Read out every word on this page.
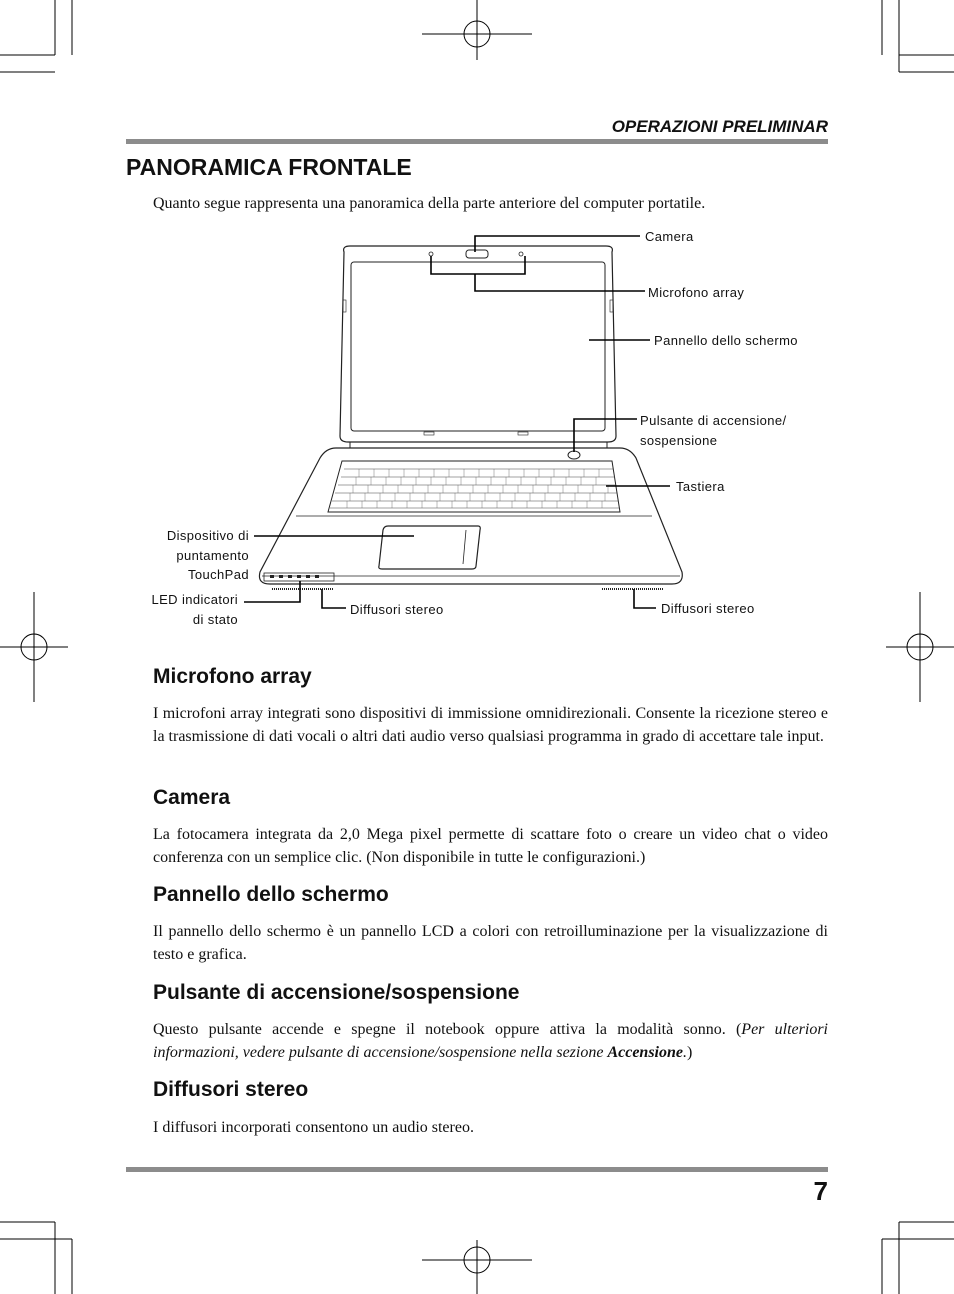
OPERAZIONI PRELIMINAR
PANORAMICA FRONTALE
Quanto segue rappresenta una panoramica della parte anteriore del computer portatile.
Camera
Microfono array
Pannello dello schermo
Pulsante di accensione/
sospensione
Tastiera
Dispositivo di
puntamento
TouchPad
LED indicatori
di stato
Diffusori stereo	Diffusori stereo
Microfono array
I microfoni array integrati sono dispositivi di immissione omnidirezionali. Consente la ricezione stereo e la trasmissione di dati vocali o altri dati audio verso qualsiasi programma in grado di accettare tale input.
Camera
La fotocamera integrata da 2,0 Mega pixel permette di scattare foto o creare un video chat o video conferenza con un semplice clic. (Non disponibile in tutte le configurazioni.)
Pannello dello schermo
Il pannello dello schermo è un pannello LCD a colori con retroilluminazione per la visualizzazione di testo e grafica.
Pulsante di accensione/sospensione
Questo pulsante accende e spegne il notebook oppure attiva la modalità sonno. (Per ulteriori informazioni, vedere pulsante di accensione/sospensione nella sezione Accensione.)
Diffusori stereo
I diffusori incorporati consentono un audio stereo.
7
